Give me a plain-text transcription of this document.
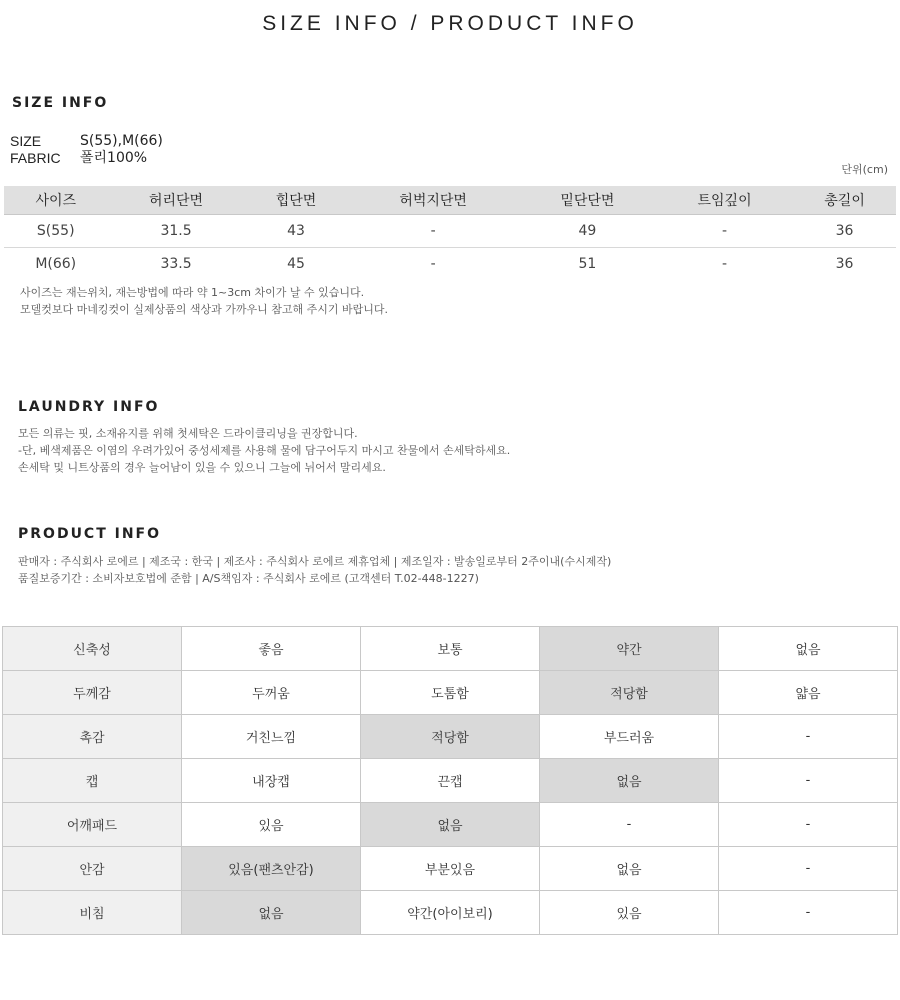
SIZE INFO / PRODUCT INFO
SIZE INFO
SIZE	S(55),M(66)
FABRIC	폴리100%
단위(cm)
사이즈	허리단면	힙단면	허벅지단면	밑단단면	트임깊이	총길이
S(55)	31.5	43	-	49	-	36
M(66)	33.5	45	-	51	-	36
사이즈는 재는위치, 재는방법에 따라 약 1~3cm 차이가 날 수 있습니다.
모델컷보다 마네킹컷이 실제상품의 색상과 가까우니 참고해 주시기 바랍니다.
LAUNDRY INFO
모든 의류는 핏, 소재유지를 위해 첫세탁은 드라이클리닝을 권장합니다.
-단, 베색제품은 이염의 우려가있어 중성세제를 사용해 물에 담구어두지 마시고 찬물에서 손세탁하세요.
손세탁 및 니트상품의 경우 늘어남이 있을 수 있으니 그늘에 뉘어서 말리세요.
PRODUCT INFO
판매자 : 주식회사 로에르 | 제조국 : 한국 | 제조사 : 주식회사 로에르 제휴업체 | 제조일자 : 발송일로부터 2주이내(수시제작)
품질보증기간 : 소비자보호법에 준함 | A/S책임자 : 주식회사 로에르 (고객센터 T.02-448-1227)
신축성	좋음	보통	약간	없음
두께감	두꺼움	도톰함	적당함	얇음
촉감	거친느낌	적당함	부드러움	-
캡	내장캡	끈캡	없음	-
어깨패드	있음	없음	-	-
안감	있음(팬츠안감)	부분있음	없음	-
비침	없음	약간(아이보리)	있음	-
